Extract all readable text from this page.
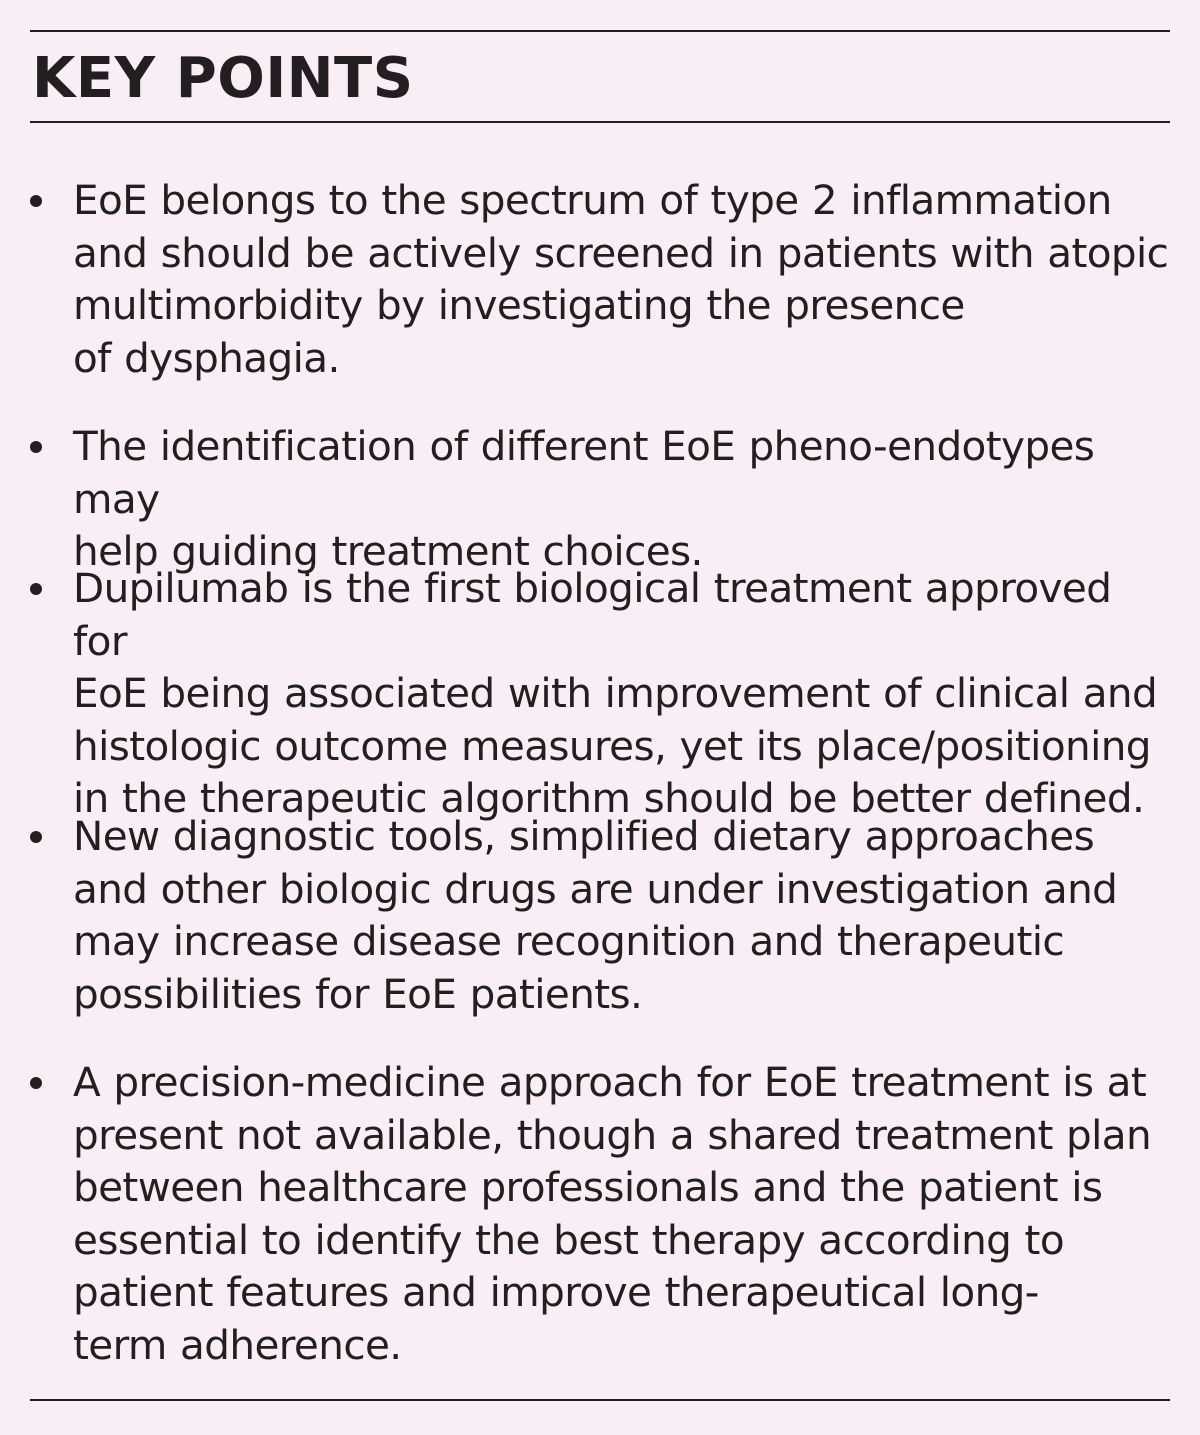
KEY POINTS

EoE belongs to the spectrum of type 2 inflammation
and should be actively screened in patients with atopic
multimorbidity by investigating the presence
of dysphagia.

The identification of different EoE pheno-endotypes may
help guiding treatment choices.

Dupilumab is the first biological treatment approved for
EoE being associated with improvement of clinical and
histologic outcome measures, yet its place/positioning
in the therapeutic algorithm should be better defined.

New diagnostic tools, simplified dietary approaches
and other biologic drugs are under investigation and
may increase disease recognition and therapeutic
possibilities for EoE patients.

A precision-medicine approach for EoE treatment is at
present not available, though a shared treatment plan
between healthcare professionals and the patient is
essential to identify the best therapy according to
patient features and improve therapeutical long-
term adherence.
